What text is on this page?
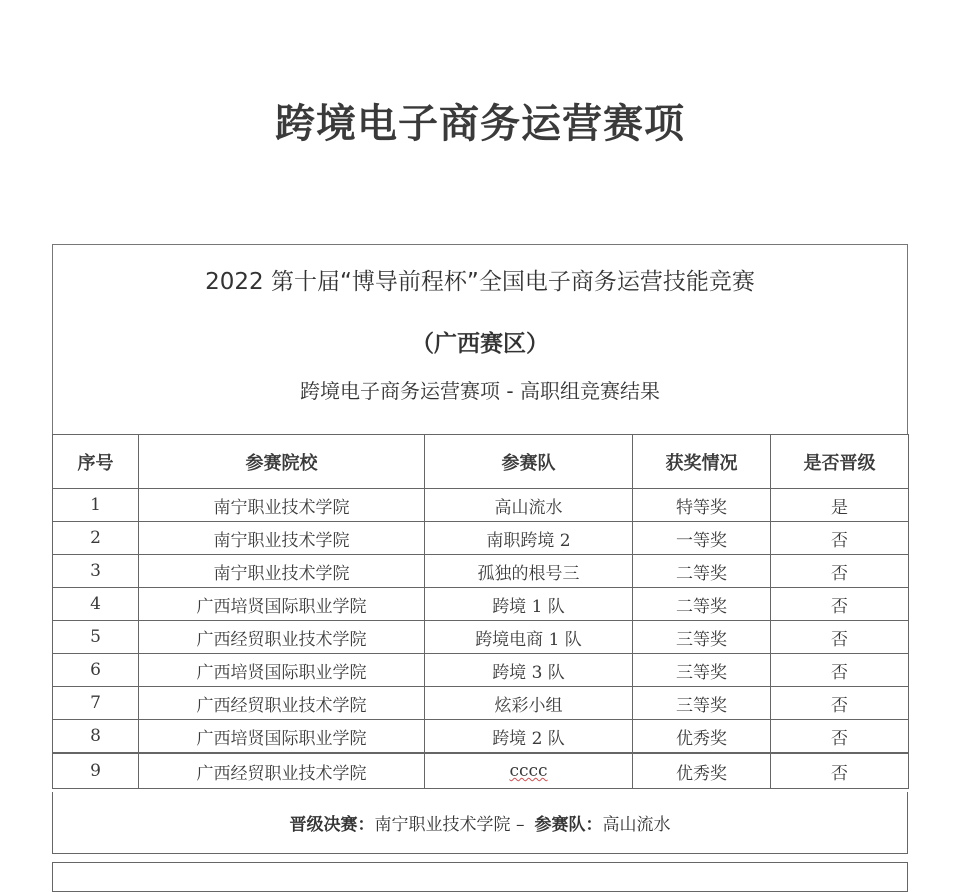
跨境电子商务运营赛项
2022 第十届“博导前程杯”全国电子商务运营技能竞赛
（广西赛区）
跨境电子商务运营赛项 - 高职组竞赛结果
序号	参赛院校	参赛队	获奖情况	是否晋级
1	南宁职业技术学院	高山流水	特等奖	是
2	南宁职业技术学院	南职跨境 2	一等奖	否
3	南宁职业技术学院	孤独的根号三	二等奖	否
4	广西培贤国际职业学院	跨境 1 队	二等奖	否
5	广西经贸职业技术学院	跨境电商 1 队	三等奖	否
6	广西培贤国际职业学院	跨境 3 队	三等奖	否
7	广西经贸职业技术学院	炫彩小组	三等奖	否
8	广西培贤国际职业学院	跨境 2 队	优秀奖	否
9	广西经贸职业技术学院	cccc	优秀奖	否
晋级决赛： 南宁职业技术学院 – 参赛队： 高山流水
